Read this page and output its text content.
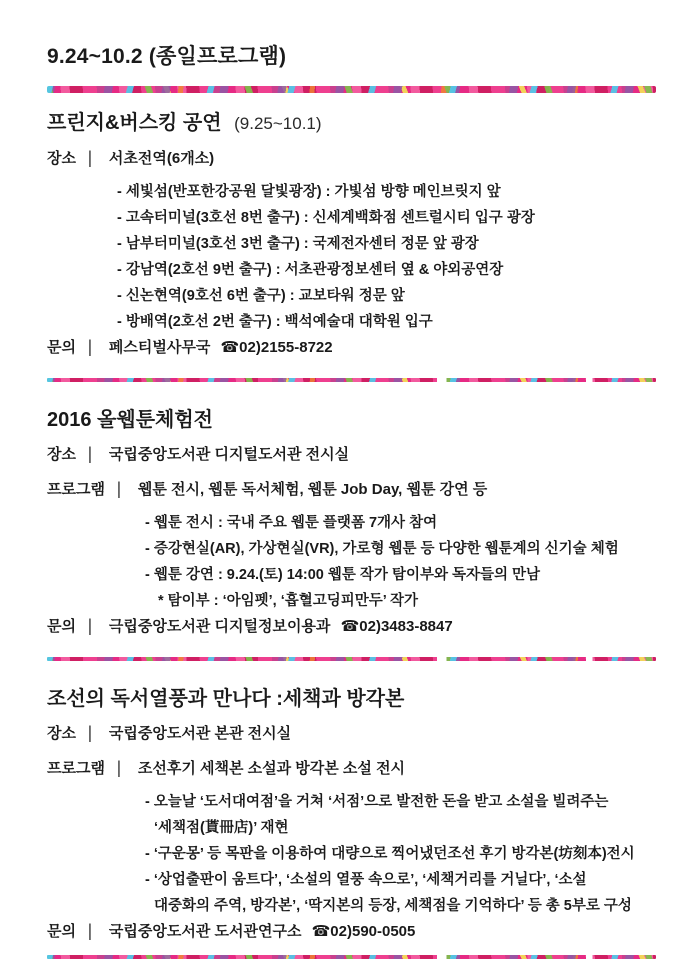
9.24~10.2 (종일프로그램)
프린지&버스킹 공연 (9.25~10.1)
장소 | 서초전역(6개소)
- 세빛섬(반포한강공원 달빛광장) : 가빛섬 방향 메인브릿지 앞
- 고속터미널(3호선 8번 출구) : 신세계백화점 센트럴시티 입구 광장
- 남부터미널(3호선 3번 출구) : 국제전자센터 정문 앞 광장
- 강남역(2호선 9번 출구) : 서초관광정보센터 옆 & 야외공연장
- 신논현역(9호선 6번 출구) : 교보타워 정문 앞
- 방배역(2호선 2번 출구) : 백석예술대 대학원 입구
문의 | 페스티벌사무국 ☎02)2155-8722
2016 올웹툰체험전
장소 | 국립중앙도서관 디지털도서관 전시실
프로그램 | 웹툰 전시, 웹툰 독서체험, 웹툰 Job Day, 웹툰 강연 등
- 웹툰 전시 : 국내 주요 웹툰 플랫폼 7개사 참여
- 증강현실(AR), 가상현실(VR), 가로형 웹툰 등 다양한 웹툰계의 신기술 체험
- 웹툰 강연 : 9.24.(토) 14:00 웹툰 작가 탐이부와 독자들의 만남
* 탐이부 : ‘아임펫’, ‘흡혈고딩피만두’ 작가
문의 | 극립중앙도서관 디지털정보이용과 ☎02)3483-8847
조선의 독서열풍과 만나다 :세책과 방각본
장소 | 국립중앙도서관 본관 전시실
프로그램 | 조선후기 세책본 소설과 방각본 소설 전시
- 오늘날 ‘도서대여점’을 거쳐 ‘서점’으로 발전한 돈을 받고 소설을 빌려주는
‘세책점(貰冊店)’ 재현
- ‘구운몽’ 등 목판을 이용하여 대량으로 찍어냈던조선 후기 방각본(坊刻本)전시
- ‘상업출판이 움트다’, ‘소설의 열풍 속으로’, ‘세책거리를 거닐다’, ‘소설
대중화의 주역, 방각본’, ‘딱지본의 등장, 세책점을 기억하다’ 등 총 5부로 구성
문의 | 국립중앙도서관 도서관연구소 ☎02)590-0505
